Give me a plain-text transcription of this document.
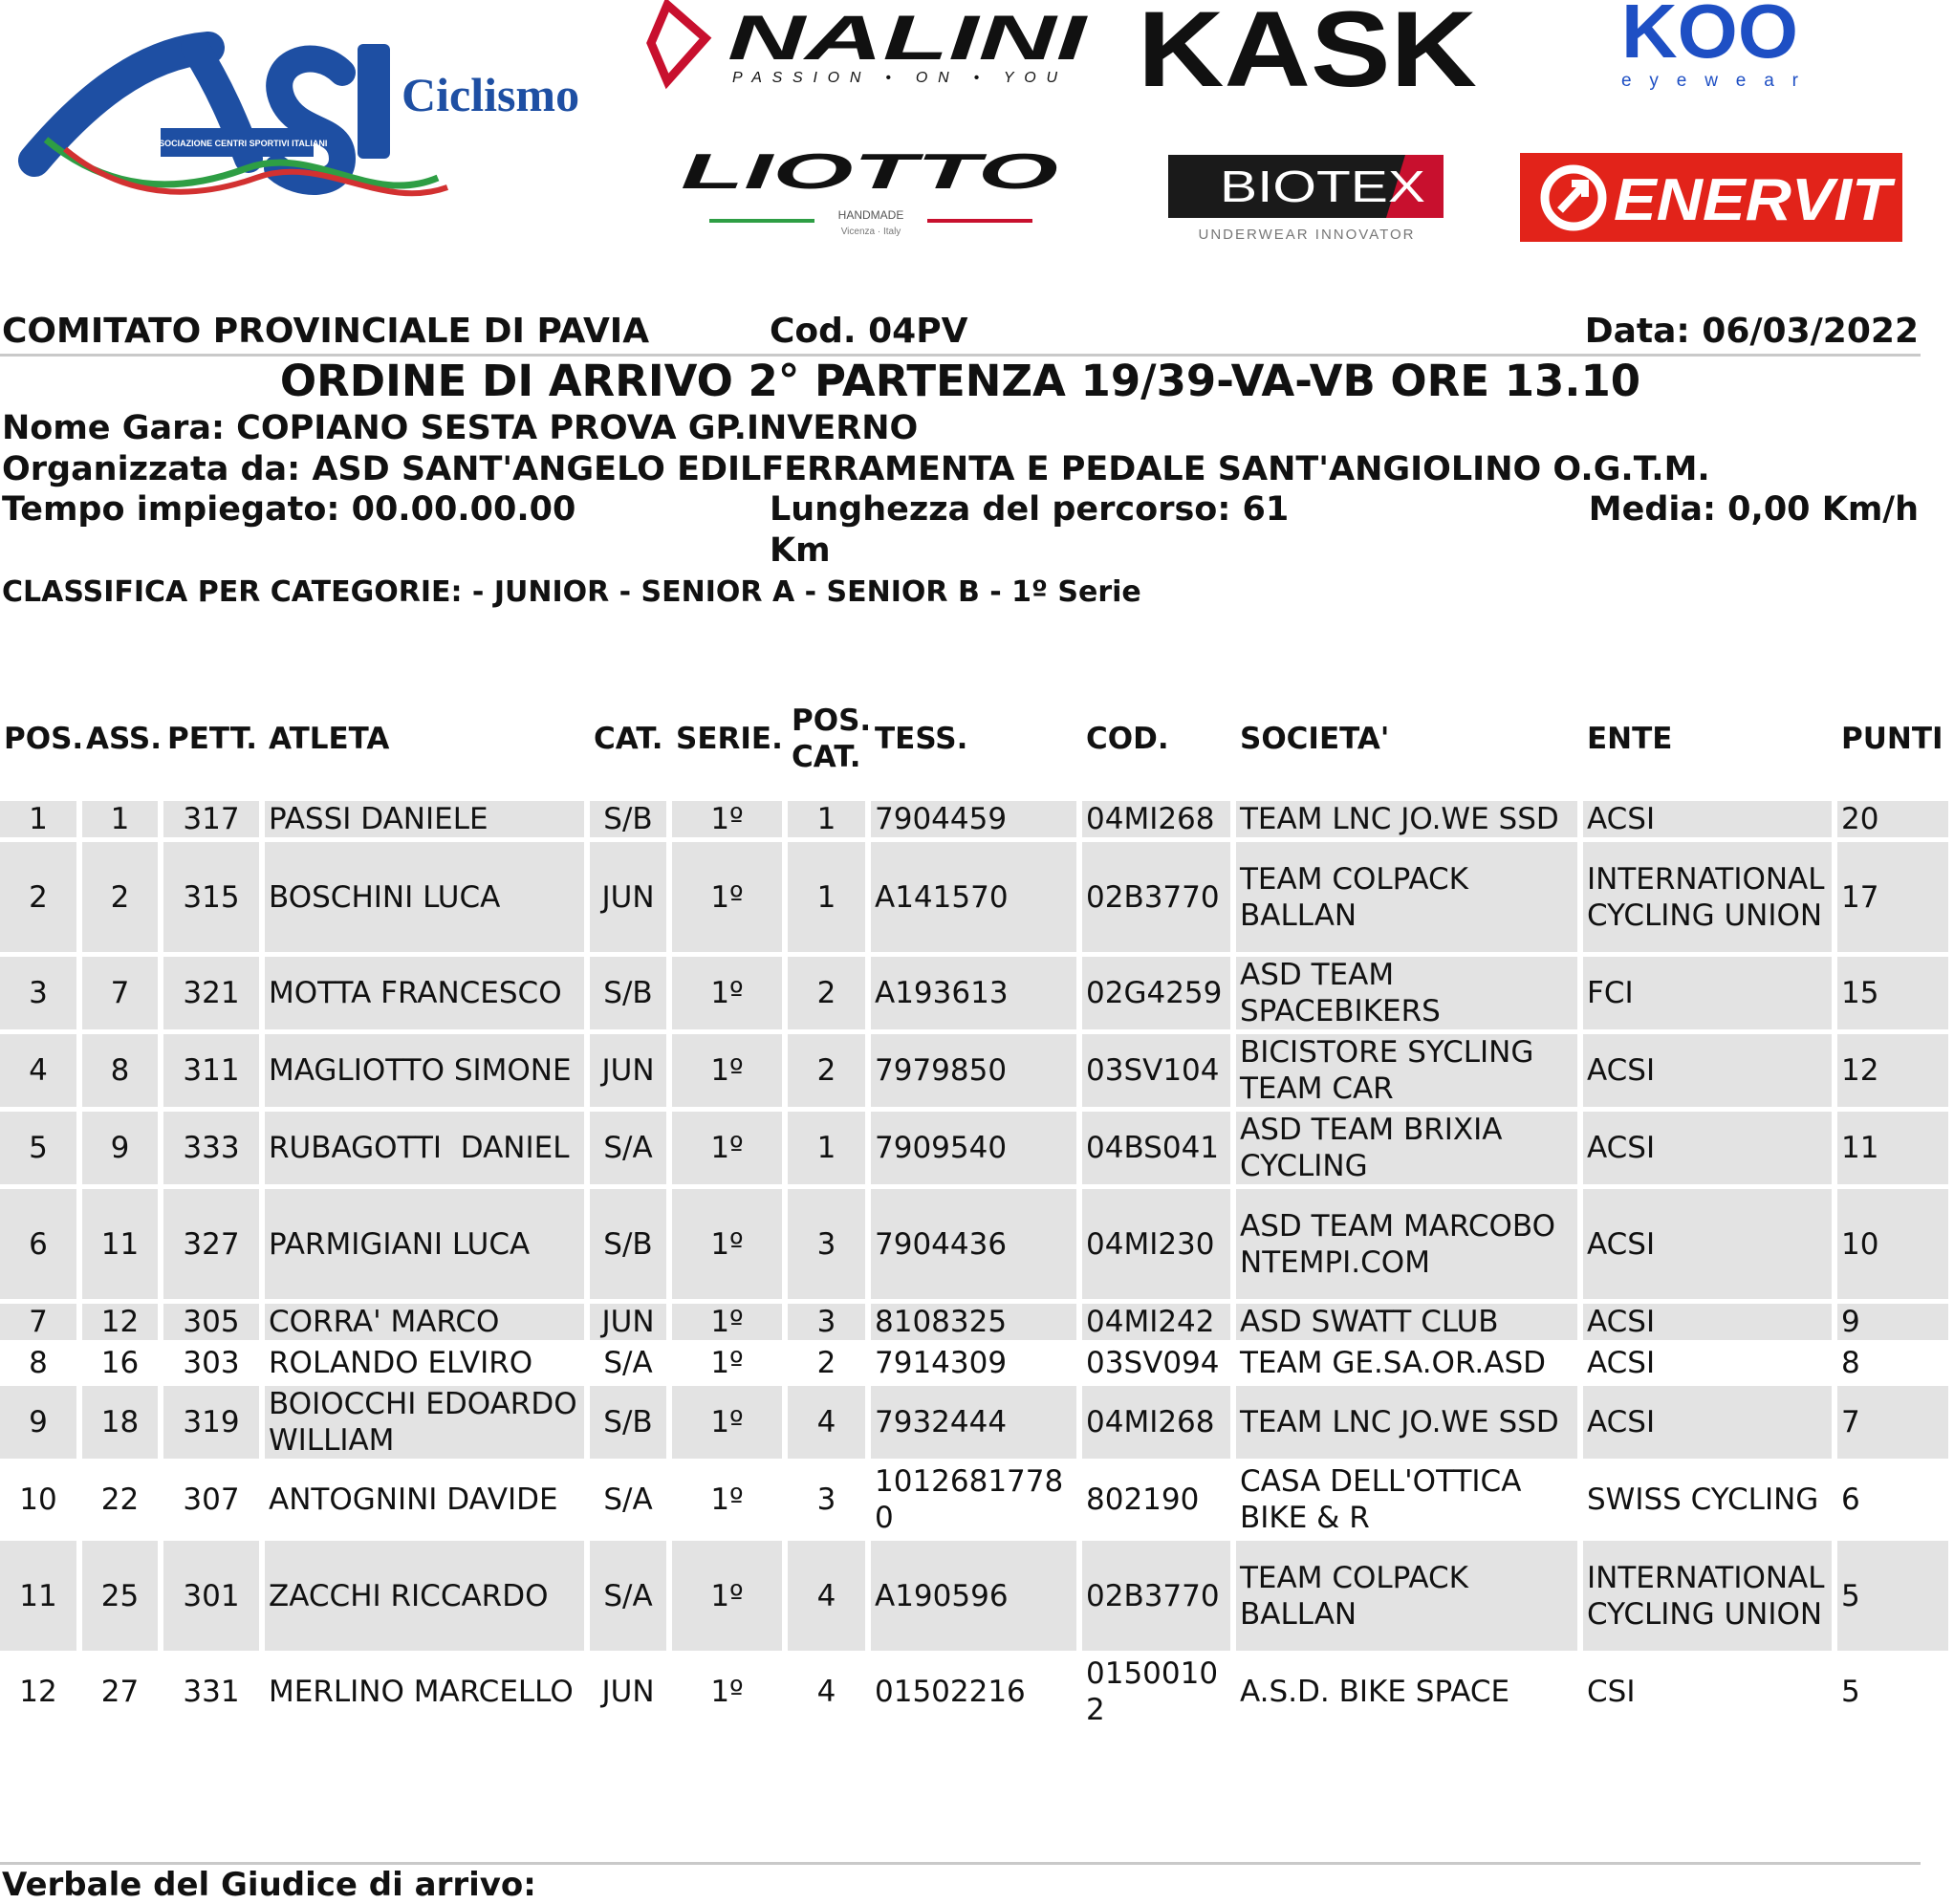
ASSOCIAZIONE CENTRI SPORTIVI ITALIANI
Ciclismo
NALINI
PASSION • ON • YOU KASK KOO
eyewear
LIOTTO
HANDMADE
Vicenza · Italy
BIOTEX
UNDERWEAR INNOVATOR
ENERVIT
COMITATO PROVINCIALE DI PAVIA	Cod. 04PV	Data: 06/03/2022
ORDINE DI ARRIVO 2° PARTENZA 19/39-VA-VB ORE 13.10
Nome Gara: COPIANO SESTA PROVA GP.INVERNO
Organizzata da: ASD SANT'ANGELO EDILFERRAMENTA E PEDALE SANT'ANGIOLINO O.G.T.M.
Tempo impiegato: 00.00.00.00	Lunghezza del percorso: 61
Km
Media: 0,00 Km/h
CLASSIFICA PER CATEGORIE: - JUNIOR - SENIOR A - SENIOR B - 1º Serie
POS.	ASS.	PETT.	ATLETA	CAT.	SERIE.	POS. CAT.	TESS.	COD.	SOCIETA'	ENTE	PUNTI
1	1	317	PASSI DANIELE	S/B	1º	1	7904459	04MI268	TEAM LNC JO.WE SSD	ACSI	20
2	2	315	BOSCHINI LUCA	JUN	1º	1	A141570	02B3770	TEAM COLPACK BALLAN	INTERNATIONAL CYCLING UNION	17
3	7	321	MOTTA FRANCESCO	S/B	1º	2	A193613	02G4259	ASD TEAM SPACEBIKERS	FCI	15
4	8	311	MAGLIOTTO SIMONE	JUN	1º	2	7979850	03SV104	BICISTORE SYCLING TEAM CAR	ACSI	12
5	9	333	RUBAGOTTI  DANIEL	S/A	1º	1	7909540	04BS041	ASD TEAM BRIXIA CYCLING	ACSI	11
6	11	327	PARMIGIANI LUCA	S/B	1º	3	7904436	04MI230	ASD TEAM MARCOBONTEMPI.COM	ACSI	10
7	12	305	CORRA' MARCO	JUN	1º	3	8108325	04MI242	ASD SWATT CLUB	ACSI	9
8	16	303	ROLANDO ELVIRO	S/A	1º	2	7914309	03SV094	TEAM GE.SA.OR.ASD	ACSI	8
9	18	319	BOIOCCHI EDOARDO WILLIAM	S/B	1º	4	7932444	04MI268	TEAM LNC JO.WE SSD	ACSI	7
10	22	307	ANTOGNINI DAVIDE	S/A	1º	3	10126817780	802190	CASA DELL'OTTICA BIKE & R	SWISS CYCLING	6
11	25	301	ZACCHI RICCARDO	S/A	1º	4	A190596	02B3770	TEAM COLPACK BALLAN	INTERNATIONAL CYCLING UNION	5
12	27	331	MERLINO MARCELLO	JUN	1º	4	01502216	01500102	A.S.D. BIKE SPACE	CSI	5
Verbale del Giudice di arrivo:
